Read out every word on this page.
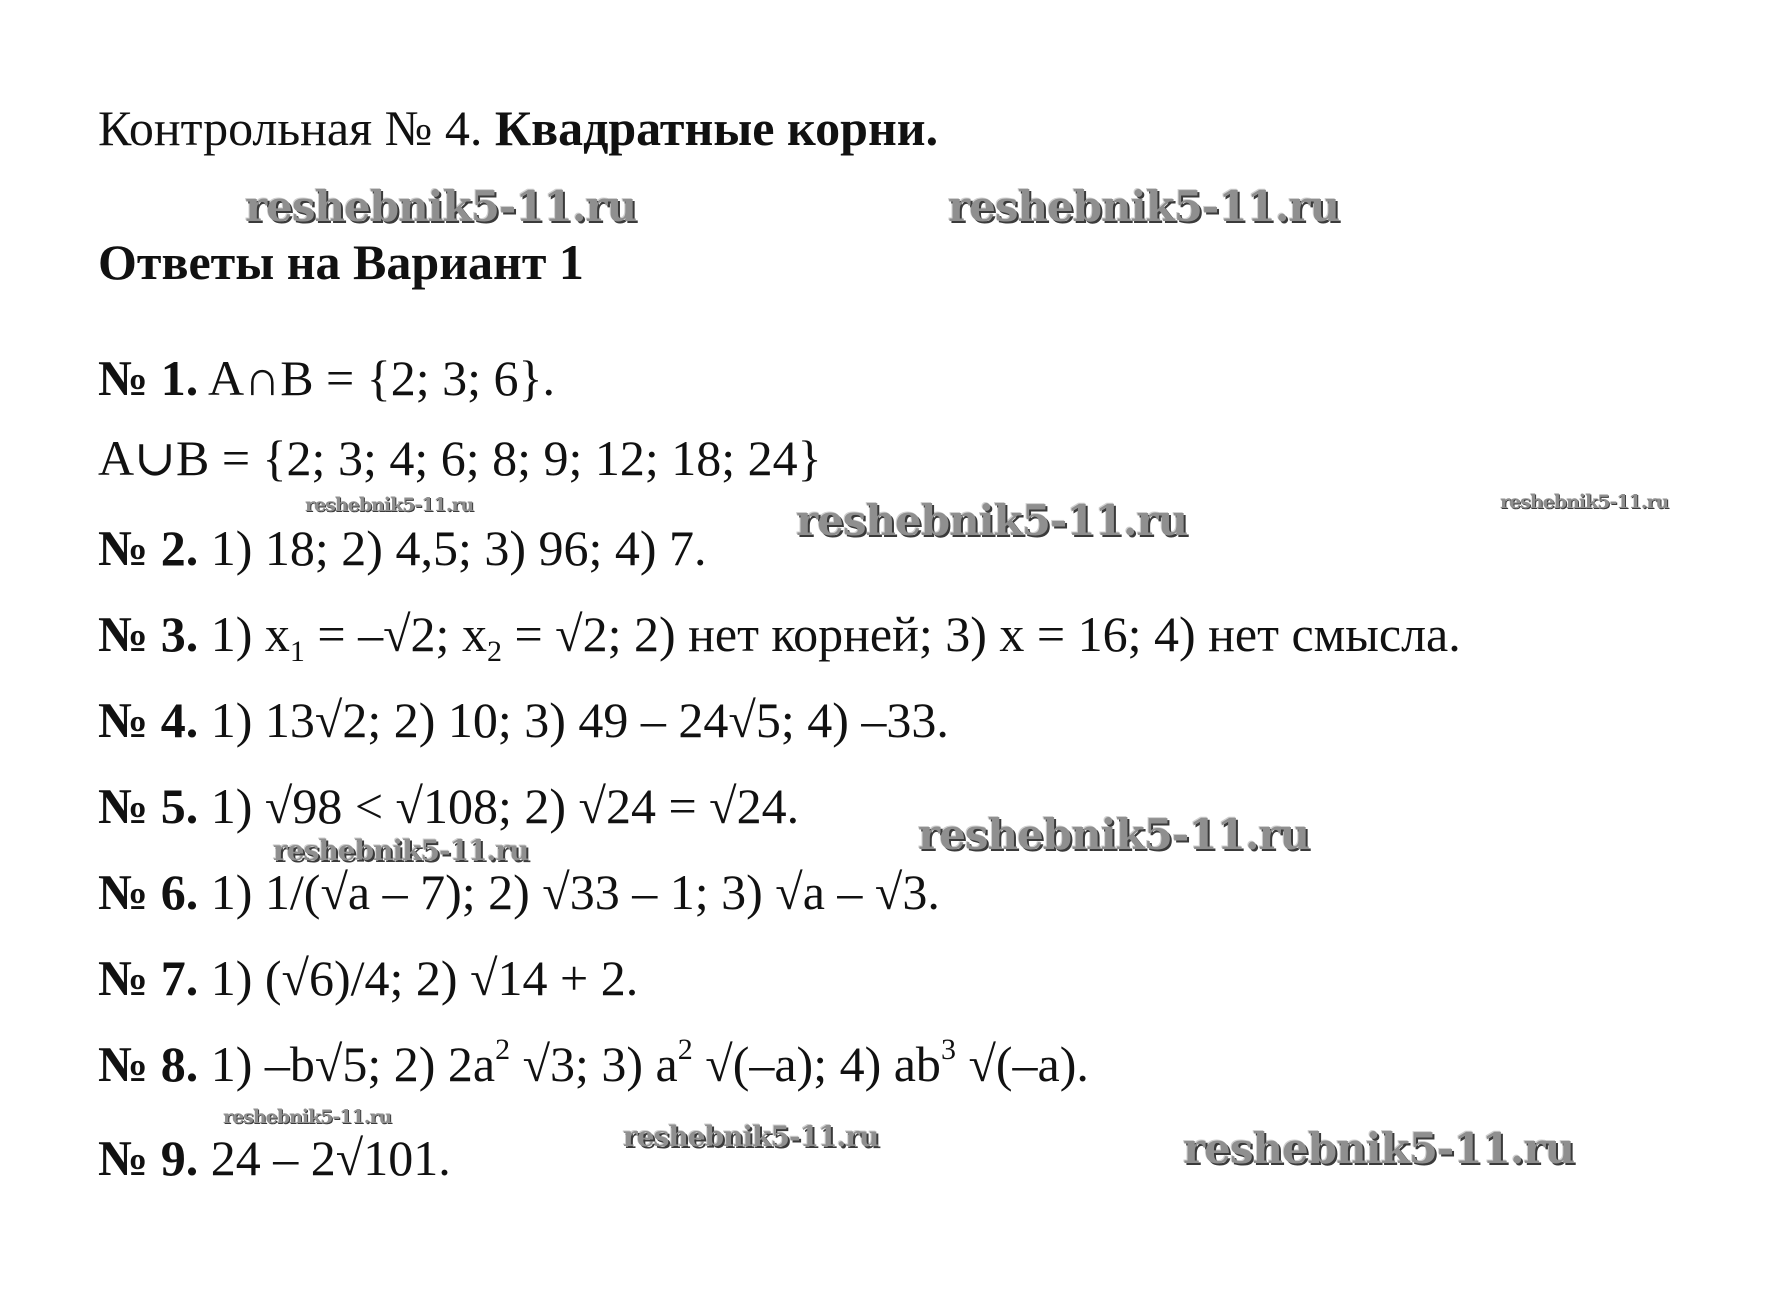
Контрольная № 4. Квадратные корни.
Ответы на Вариант 1
№ 1. A∩B = {2; 3; 6}.
A∪B = {2; 3; 4; 6; 8; 9; 12; 18; 24}
№ 2. 1) 18; 2) 4,5; 3) 96; 4) 7.
№ 3. 1) $x_1 = -√2$; $x_2 = √2$; 2) нет корней; 3) x = 16; 4) нет смысла.
№ 4. 1) 13√2; 2) 10; 3) 49 – 24√5; 4) –33.
№ 5. 1) √98 < √108; 2) √24 = √24.
№ 6. 1) 1/(√a – 7); 2) √33 – 1; 3) √a – √3.
№ 7. 1) (√6)/4; 2) √14 + 2.
№ 8. 1) –b√5; 2) $2a^2$ √3; 3) $a^2$ √(–a); 4) $ab^3$ √(–a).
№ 9. 24 – 2√101.
reshebnik5-11.ru	reshebnik5-11.ru
reshebnik5-11.ru	reshebnik5-11.ru	reshebnik5-11.ru
reshebnik5-11.ru
reshebnik5-11.ru
reshebnik5-11.ru
reshebnik5-11.ru	reshebnik5-11.ru
